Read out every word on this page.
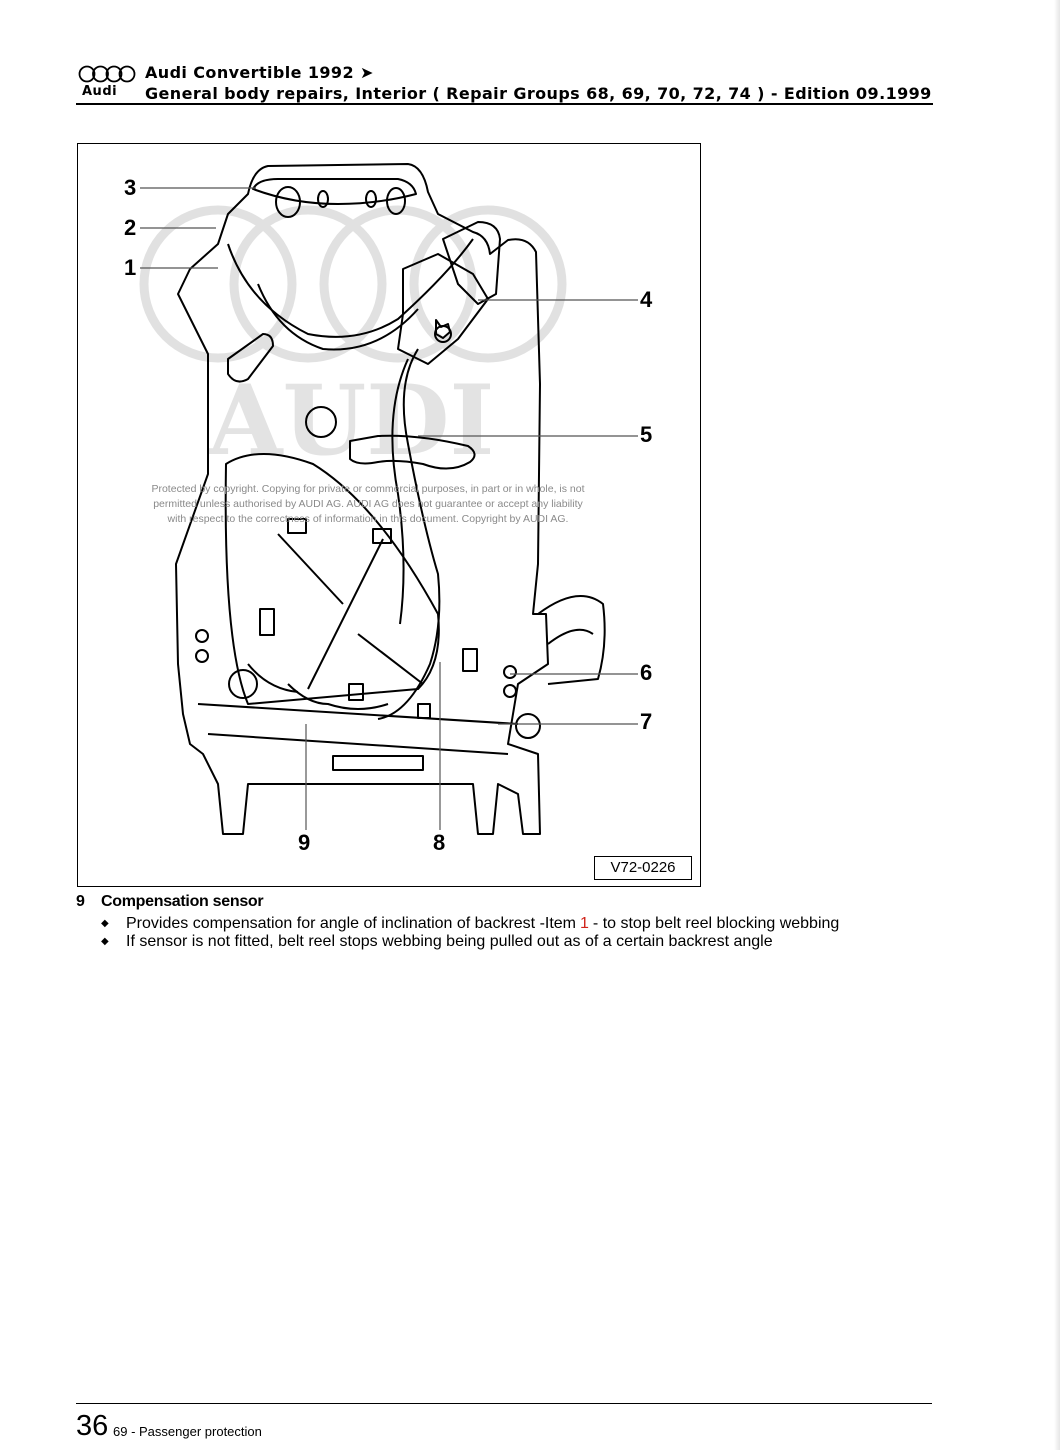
Audi
Audi Convertible 1992 ➤
General body repairs, Interior ( Repair Groups 68, 69, 70, 72, 74 ) - Edition 09.1999
AUDI
3
2
1
4
5
6
7
8
9
Protected by copyright. Copying for private or commercial purposes, in part or in whole, is not
permitted unless authorised by AUDI AG. AUDI AG does not guarantee or accept any liability
with respect to the correctness of information in this document. Copyright by AUDI AG.
V72-0226
9 Compensation sensor
◆ Provides compensation for angle of inclination of backrest -Item 1 - to stop belt reel blocking webbing
◆ If sensor is not fitted, belt reel stops webbing being pulled out as of a certain backrest angle
36 69 - Passenger protection
